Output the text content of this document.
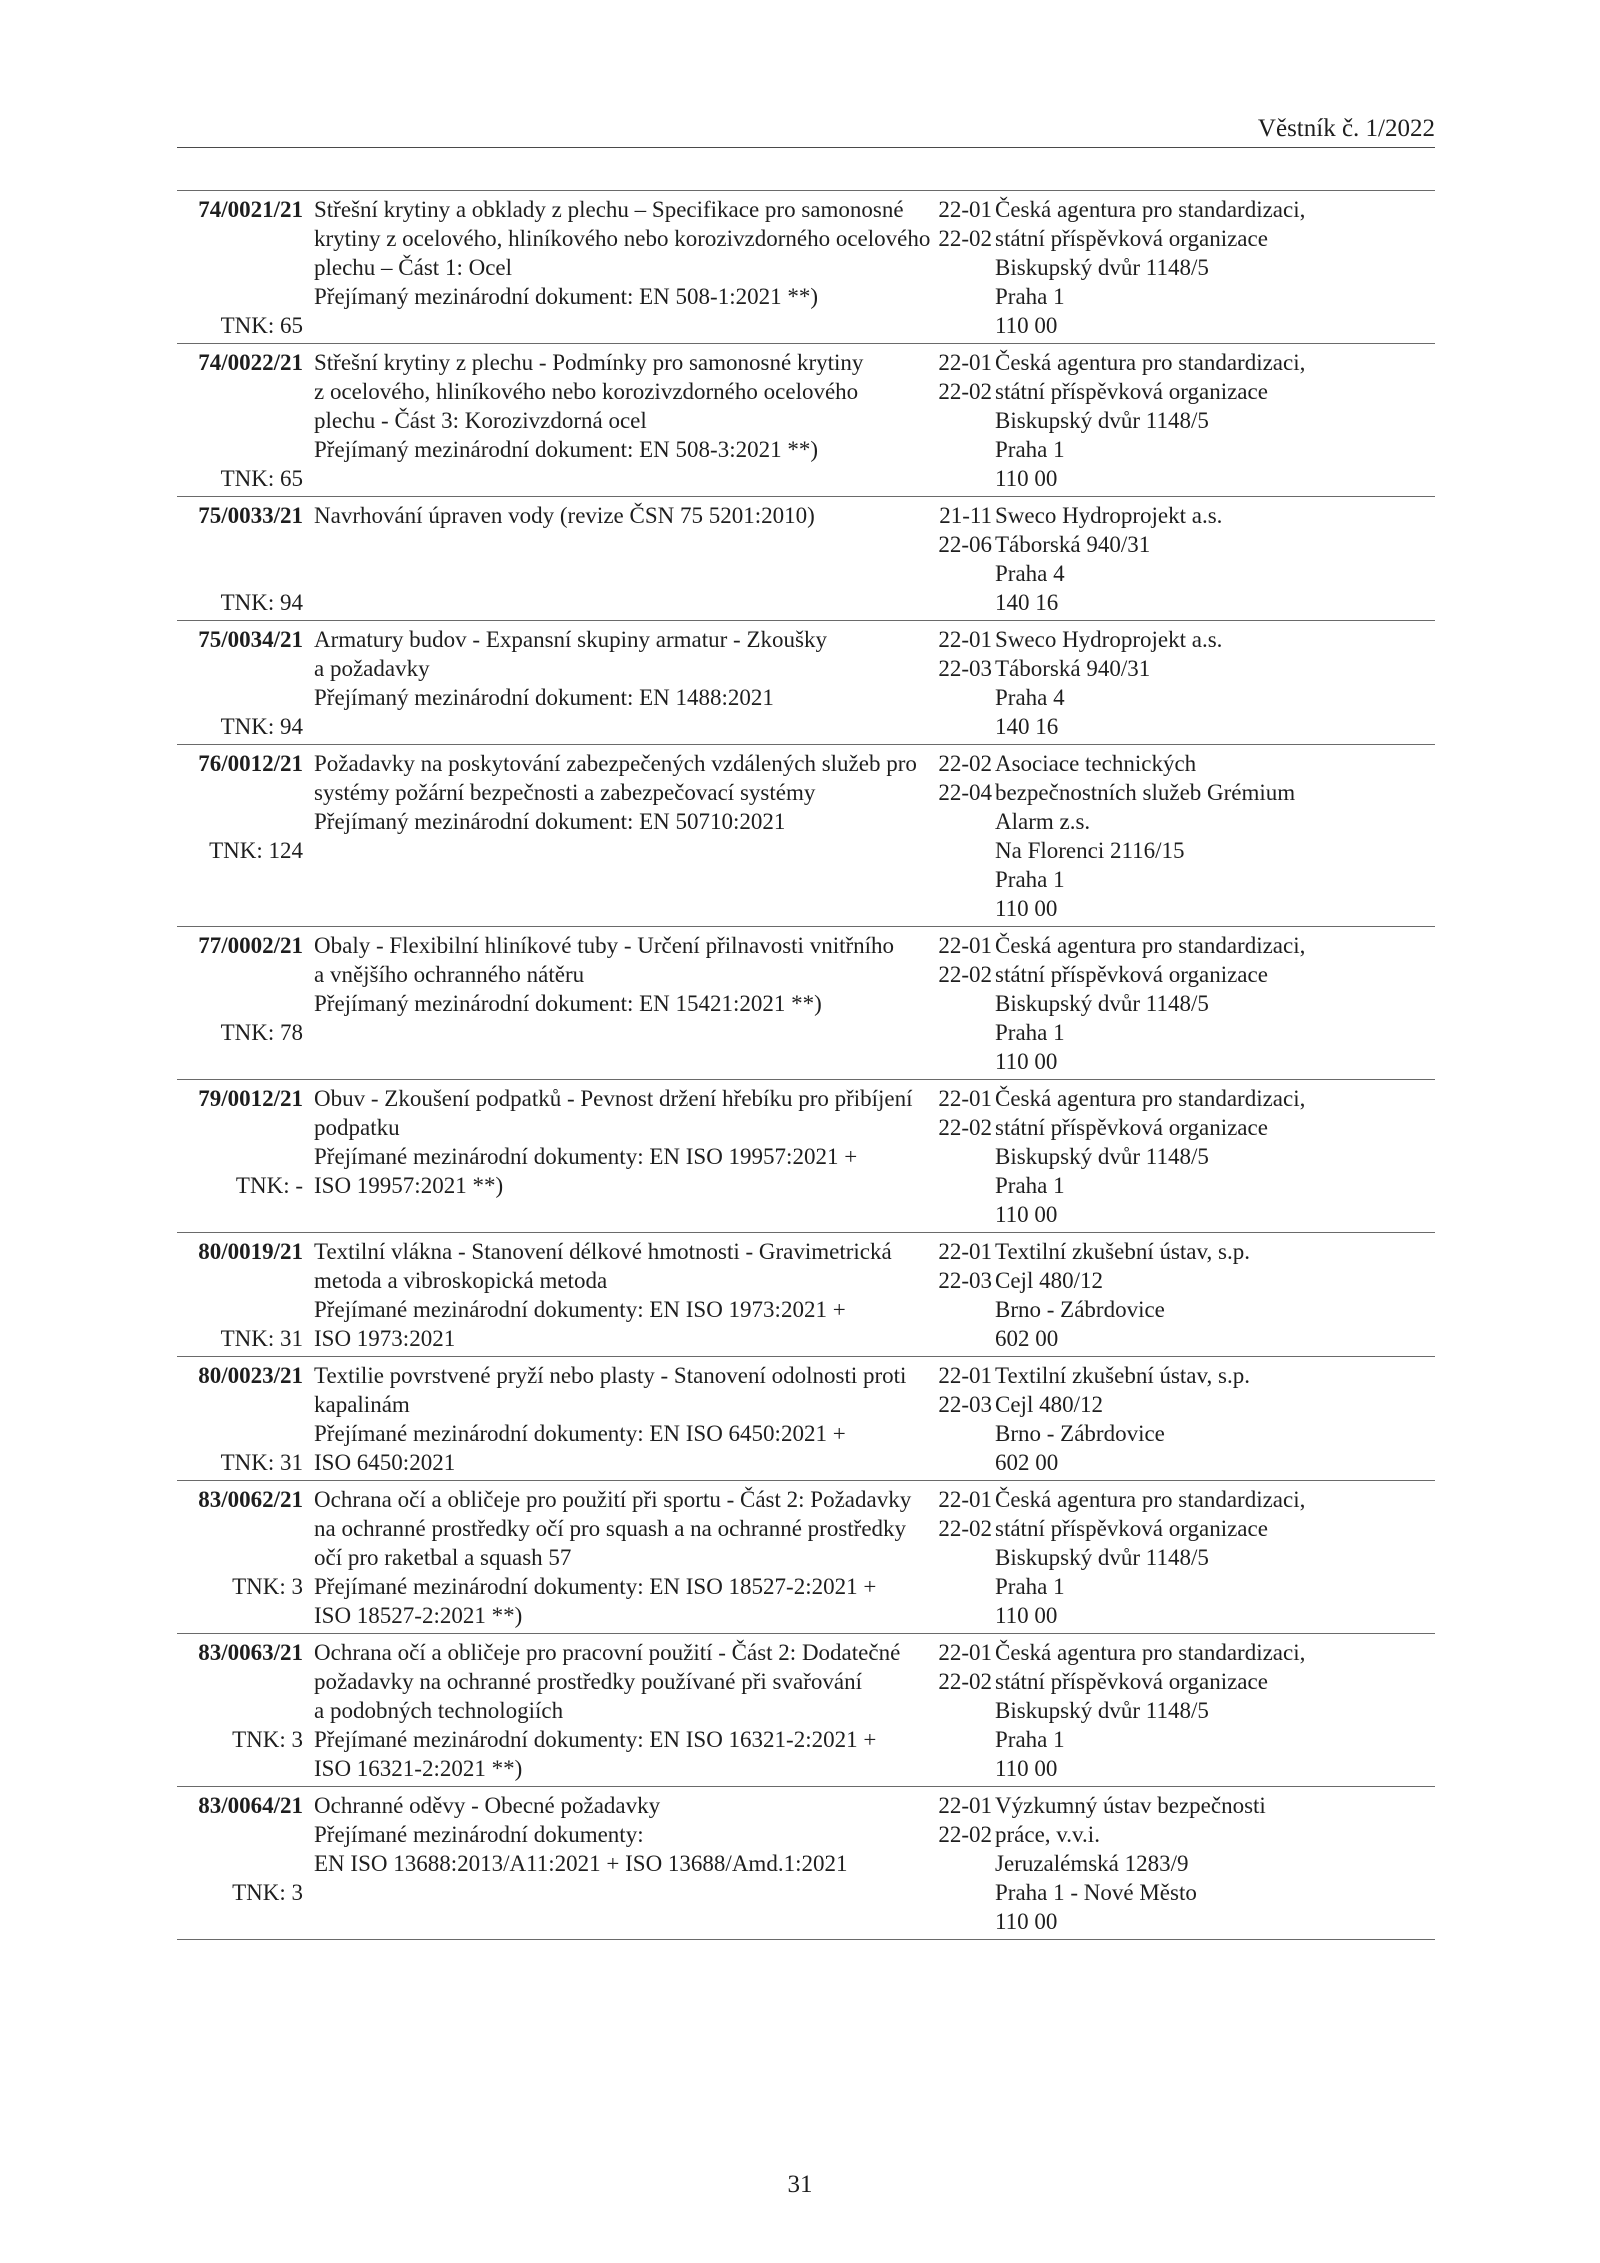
Věstník č. 1/2022
74/0021/21
TNK: 65
Střešní krytiny a obklady z plechu – Specifikace pro samonosné
krytiny z ocelového, hliníkového nebo korozivzdorného ocelového
plechu – Část 1: Ocel
Přejímaný mezinárodní dokument: EN 508-1:2021 **)
22-01
22-02
Česká agentura pro standardizaci,
státní příspěvková organizace
Biskupský dvůr 1148/5
Praha 1
110 00
74/0022/21
TNK: 65
Střešní krytiny z plechu - Podmínky pro samonosné krytiny
z ocelového, hliníkového nebo korozivzdorného ocelového
plechu - Část 3: Korozivzdorná ocel
Přejímaný mezinárodní dokument: EN 508-3:2021 **)
22-01
22-02
Česká agentura pro standardizaci,
státní příspěvková organizace
Biskupský dvůr 1148/5
Praha 1
110 00
75/0033/21
TNK: 94
Navrhování úpraven vody (revize ČSN 75 5201:2010)	21-11
22-06
Sweco Hydroprojekt a.s.
Táborská 940/31
Praha 4
140 16
75/0034/21
TNK: 94
Armatury budov - Expansní skupiny armatur - Zkoušky
a požadavky
Přejímaný mezinárodní dokument: EN 1488:2021
22-01
22-03
Sweco Hydroprojekt a.s.
Táborská 940/31
Praha 4
140 16
76/0012/21
TNK: 124
Požadavky na poskytování zabezpečených vzdálených služeb pro
systémy požární bezpečnosti a zabezpečovací systémy
Přejímaný mezinárodní dokument: EN 50710:2021
22-02
22-04
Asociace technických
bezpečnostních služeb Grémium
Alarm z.s.
Na Florenci 2116/15
Praha 1
110 00
77/0002/21
TNK: 78
Obaly - Flexibilní hliníkové tuby - Určení přilnavosti vnitřního
a vnějšího ochranného nátěru
Přejímaný mezinárodní dokument: EN 15421:2021 **)
22-01
22-02
Česká agentura pro standardizaci,
státní příspěvková organizace
Biskupský dvůr 1148/5
Praha 1
110 00
79/0012/21
TNK: -
Obuv - Zkoušení podpatků - Pevnost držení hřebíku pro přibíjení
podpatku
Přejímané mezinárodní dokumenty: EN ISO 19957:2021 +
ISO 19957:2021 **)
22-01
22-02
Česká agentura pro standardizaci,
státní příspěvková organizace
Biskupský dvůr 1148/5
Praha 1
110 00
80/0019/21
TNK: 31
Textilní vlákna - Stanovení délkové hmotnosti - Gravimetrická
metoda a vibroskopická metoda
Přejímané mezinárodní dokumenty: EN ISO 1973:2021 +
ISO 1973:2021
22-01
22-03
Textilní zkušební ústav, s.p.
Cejl 480/12
Brno - Zábrdovice
602 00
80/0023/21
TNK: 31
Textilie povrstvené pryží nebo plasty - Stanovení odolnosti proti
kapalinám
Přejímané mezinárodní dokumenty: EN ISO 6450:2021 +
ISO 6450:2021
22-01
22-03
Textilní zkušební ústav, s.p.
Cejl 480/12
Brno - Zábrdovice
602 00
83/0062/21
TNK: 3
Ochrana očí a obličeje pro použití při sportu - Část 2: Požadavky
na ochranné prostředky očí pro squash a na ochranné prostředky
očí pro raketbal a squash 57
Přejímané mezinárodní dokumenty: EN ISO 18527-2:2021 +
ISO 18527-2:2021 **)
22-01
22-02
Česká agentura pro standardizaci,
státní příspěvková organizace
Biskupský dvůr 1148/5
Praha 1
110 00
83/0063/21
TNK: 3
Ochrana očí a obličeje pro pracovní použití - Část 2: Dodatečné
požadavky na ochranné prostředky používané při svařování
a podobných technologiích
Přejímané mezinárodní dokumenty: EN ISO 16321-2:2021 +
ISO 16321-2:2021 **)
22-01
22-02
Česká agentura pro standardizaci,
státní příspěvková organizace
Biskupský dvůr 1148/5
Praha 1
110 00
83/0064/21
TNK: 3
Ochranné oděvy - Obecné požadavky
Přejímané mezinárodní dokumenty:
EN ISO 13688:2013/A11:2021 + ISO 13688/Amd.1:2021
22-01
22-02
Výzkumný ústav bezpečnosti
práce, v.v.i.
Jeruzalémská 1283/9
Praha 1 - Nové Město
110 00
31
